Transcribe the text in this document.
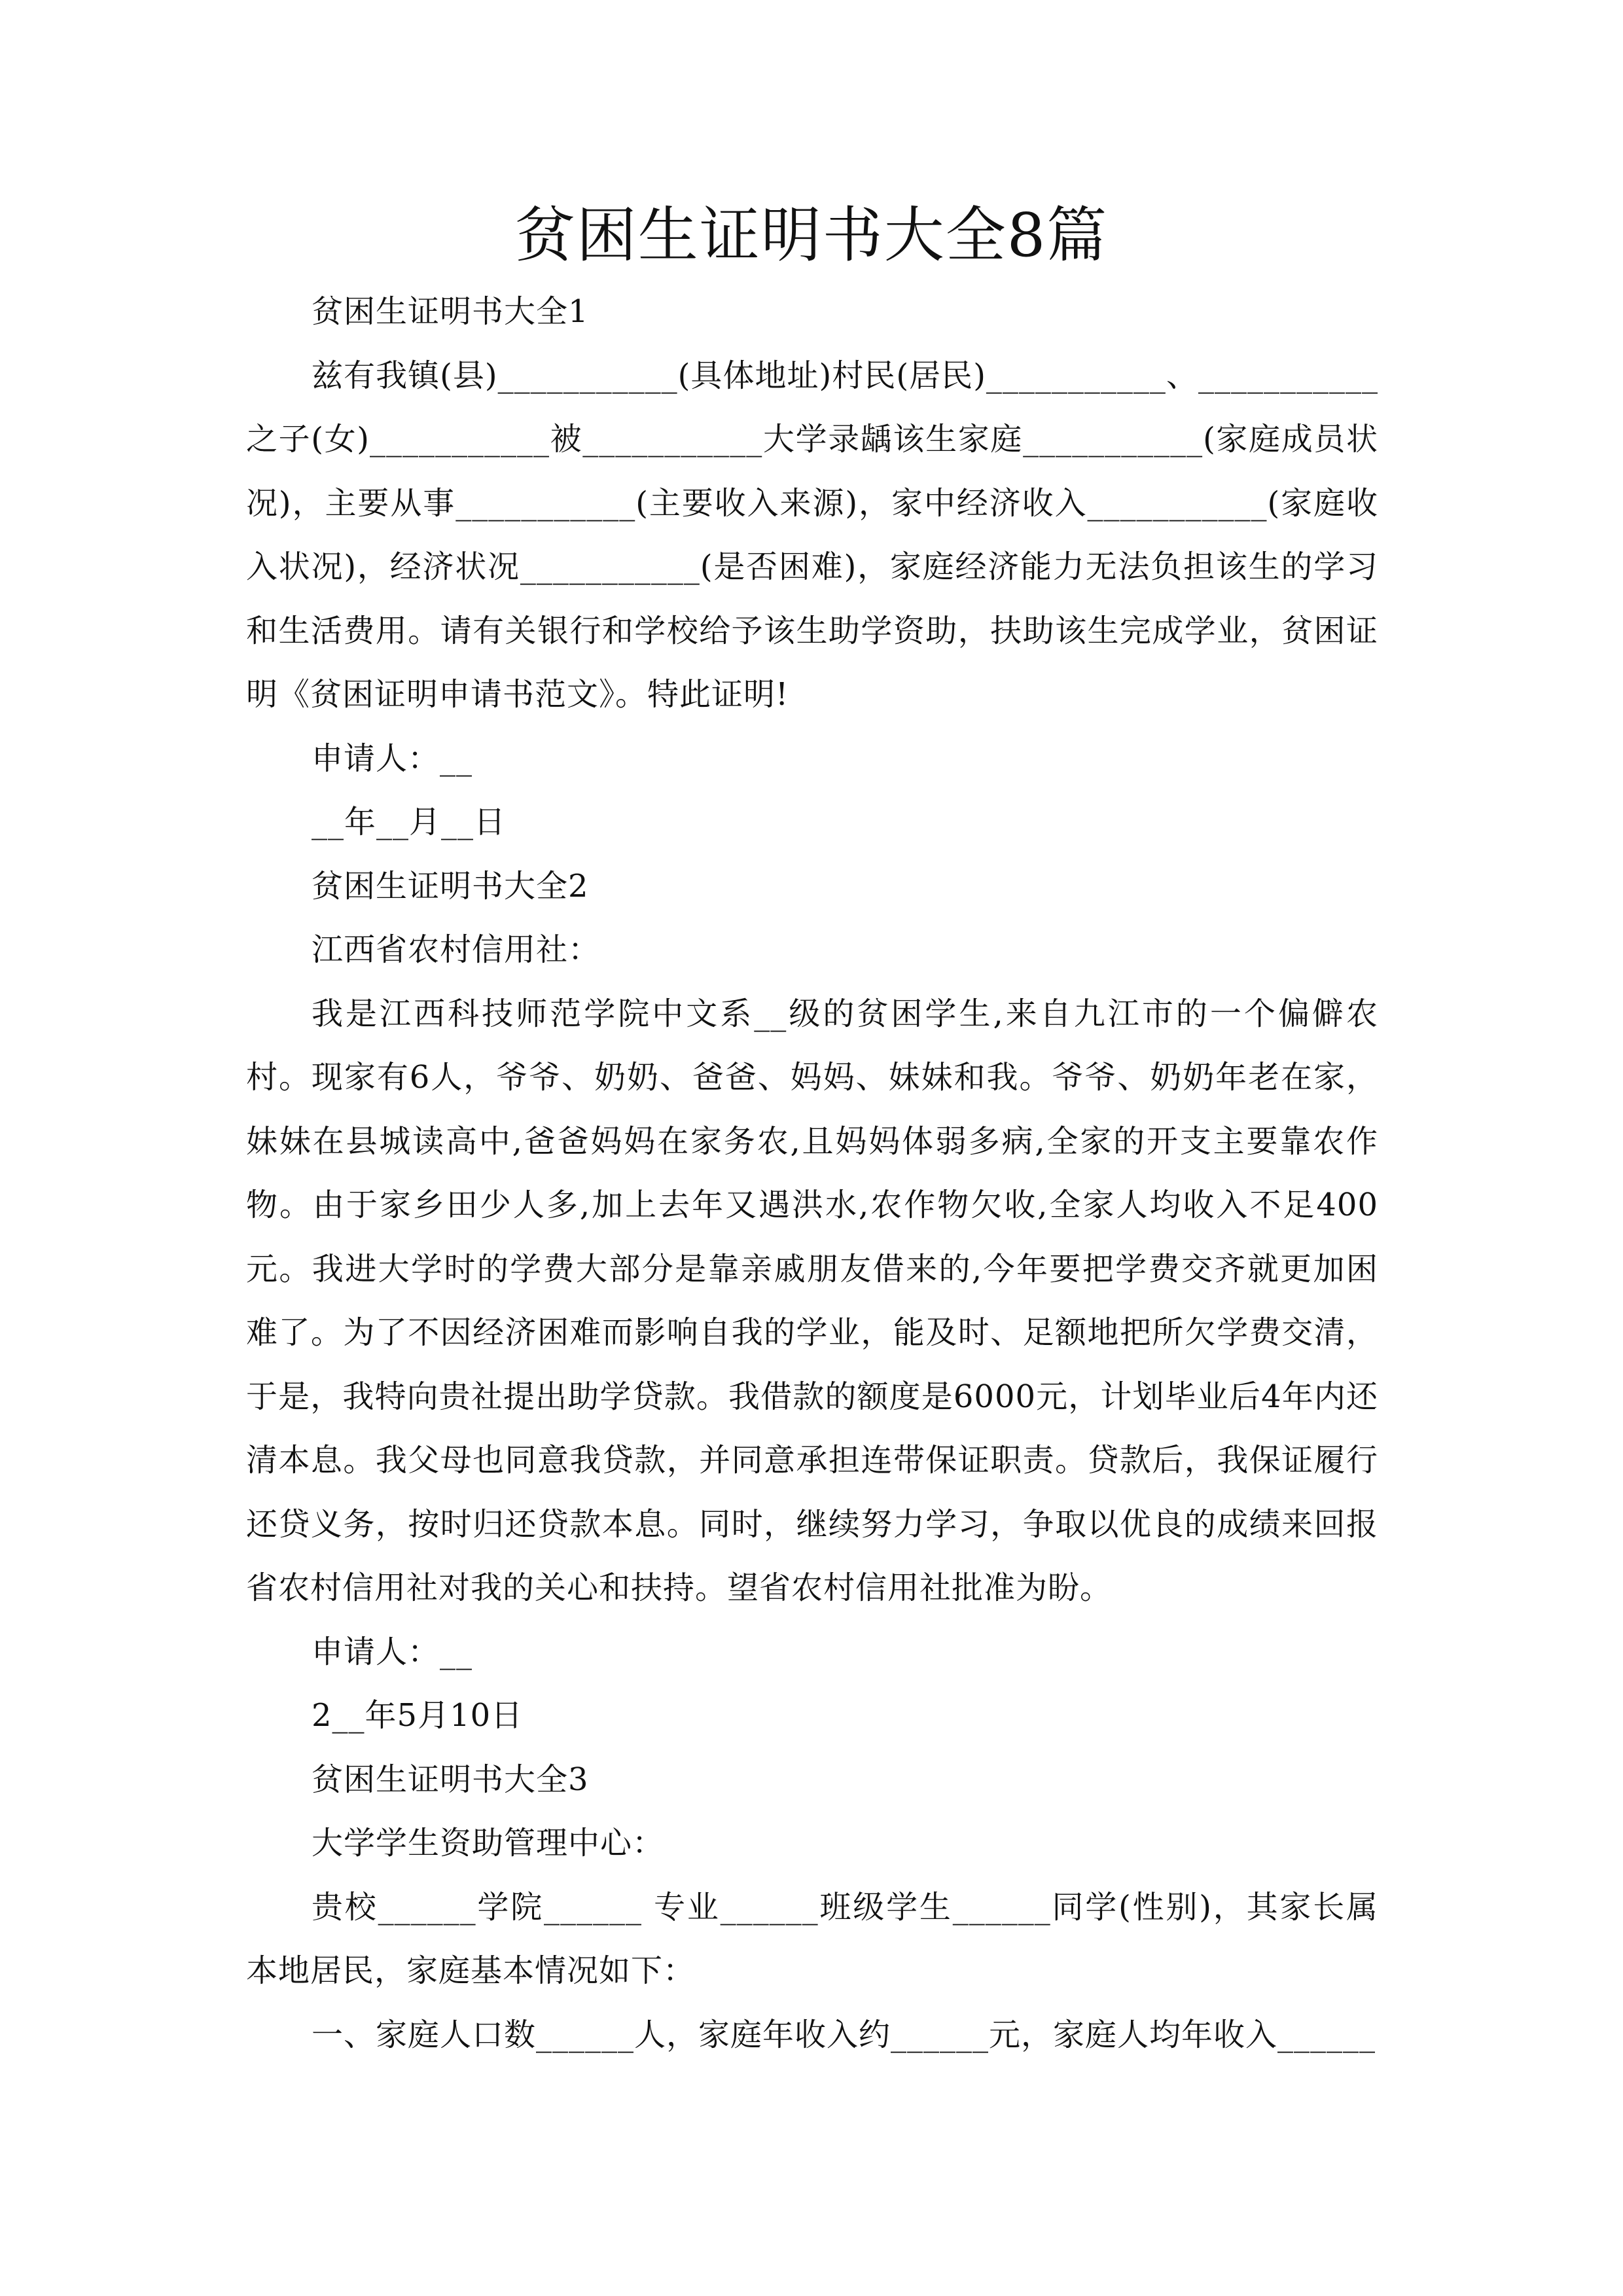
贫困生证明书大全8篇

贫困生证明书大全1

兹有我镇(县)___________(具体地址)村民(居民)___________、___________之子(女)___________被___________大学录龋该生家庭___________(家庭成员状况)，主要从事___________(主要收入来源)，家中经济收入___________(家庭收入状况)，经济状况___________(是否困难)，家庭经济能力无法负担该生的学习和生活费用。请有关银行和学校给予该生助学资助，扶助该生完成学业，贫困证明《贫困证明申请书范文》。特此证明!

申请人：__

__年__月__日

贫困生证明书大全2

江西省农村信用社：

我是江西科技师范学院中文系__级的贫困学生,来自九江市的一个偏僻农村。现家有6人，爷爷、奶奶、爸爸、妈妈、妹妹和我。爷爷、奶奶年老在家，妹妹在县城读高中,爸爸妈妈在家务农,且妈妈体弱多病,全家的开支主要靠农作物。由于家乡田少人多,加上去年又遇洪水,农作物欠收,全家人均收入不足400元。我进大学时的学费大部分是靠亲戚朋友借来的,今年要把学费交齐就更加困难了。为了不因经济困难而影响自我的学业，能及时、足额地把所欠学费交清，于是，我特向贵社提出助学贷款。我借款的额度是6000元，计划毕业后4年内还清本息。我父母也同意我贷款，并同意承担连带保证职责。贷款后，我保证履行还贷义务，按时归还贷款本息。同时，继续努力学习，争取以优良的成绩来回报省农村信用社对我的关心和扶持。望省农村信用社批准为盼。

申请人：__

2__年5月10日

贫困生证明书大全3

大学学生资助管理中心：

贵校______学院______ 专业______班级学生______同学(性别)，其家长属本地居民，家庭基本情况如下：

一、家庭人口数______人，家庭年收入约______元，家庭人均年收入______
